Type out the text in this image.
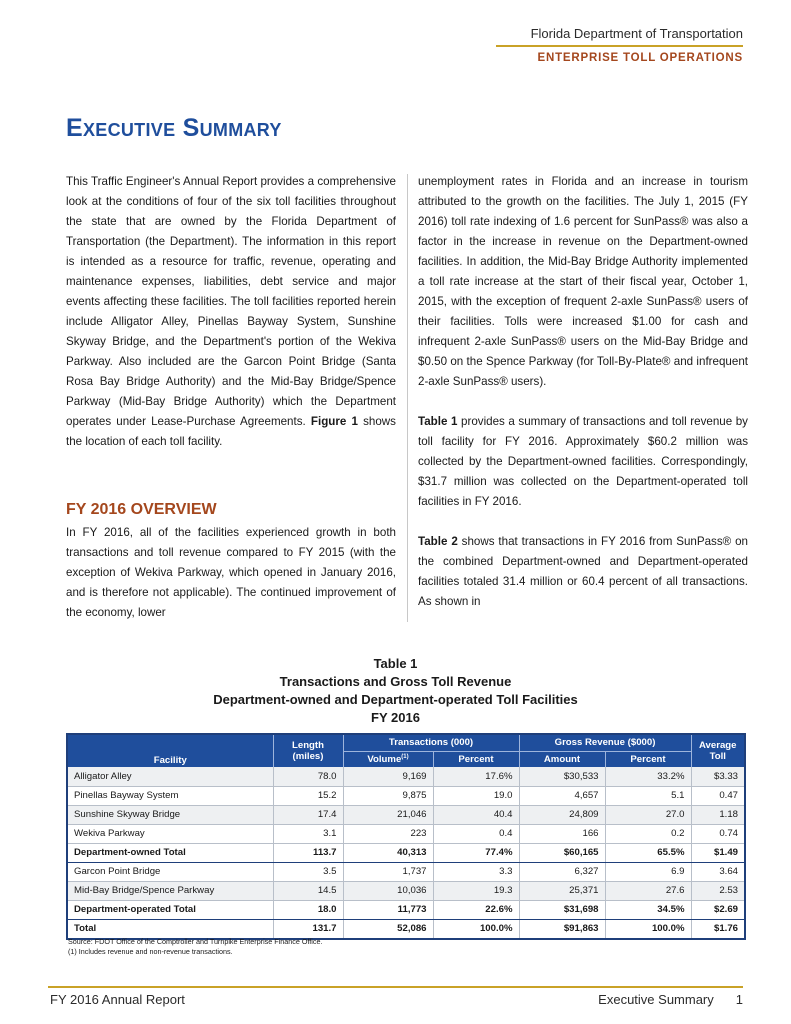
Florida Department of Transportation
ENTERPRISE TOLL OPERATIONS
Executive Summary

This Traffic Engineer's Annual Report provides a comprehensive look at the conditions of four of the six toll facilities throughout the state that are owned by the Florida Department of Transportation (the Department). The information in this report is intended as a resource for traffic, revenue, operating and maintenance expenses, liabilities, debt service and major events affecting these facilities. The toll facilities reported herein include Alligator Alley, Pinellas Bayway System, Sunshine Skyway Bridge, and the Department's portion of the Wekiva Parkway. Also included are the Garcon Point Bridge (Santa Rosa Bay Bridge Authority) and the Mid-Bay Bridge/Spence Parkway (Mid-Bay Bridge Authority) which the Department operates under Lease-Purchase Agreements. Figure 1 shows the location of each toll facility.

FY 2016 OVERVIEW

In FY 2016, all of the facilities experienced growth in both transactions and toll revenue compared to FY 2015 (with the exception of Wekiva Parkway, which opened in January 2016, and is therefore not applicable). The continued improvement of the economy, lower

unemployment rates in Florida and an increase in tourism attributed to the growth on the facilities. The July 1, 2015 (FY 2016) toll rate indexing of 1.6 percent for SunPass® was also a factor in the increase in revenue on the Department-owned facilities. In addition, the Mid-Bay Bridge Authority implemented a toll rate increase at the start of their fiscal year, October 1, 2015, with the exception of frequent 2-axle SunPass® users of their facilities. Tolls were increased $1.00 for cash and infrequent 2-axle SunPass® users on the Mid-Bay Bridge and $0.50 on the Spence Parkway (for Toll-By-Plate® and infrequent 2-axle SunPass® users).

Table 1 provides a summary of transactions and toll revenue by toll facility for FY 2016. Approximately $60.2 million was collected by the Department-owned facilities. Correspondingly, $31.7 million was collected on the Department-operated toll facilities in FY 2016.

Table 2 shows that transactions in FY 2016 from SunPass® on the combined Department-owned and Department-operated facilities totaled 31.4 million or 60.4 percent of all transactions. As shown in

Table 1
Transactions and Gross Toll Revenue
Department-owned and Department-operated Toll Facilities
FY 2016
Facility	Length (miles)	Transactions (000)		Gross Revenue ($000)		Average Toll
		Volume$^{(1)}$	Percent	Amount	Percent	
Alligator Alley	78.0	9,169	17.6%	$30,533	33.2%	$3.33
Pinellas Bayway System	15.2	9,875	19.0	4,657	5.1	0.47
Sunshine Skyway Bridge	17.4	21,046	40.4	24,809	27.0	1.18
Wekiva Parkway	3.1	223	0.4	166	0.2	0.74
Department-owned Total	113.7	40,313	77.4%	$60,165	65.5%	$1.49
Garcon Point Bridge	3.5	1,737	3.3	6,327	6.9	3.64
Mid-Bay Bridge/Spence Parkway	14.5	10,036	19.3	25,371	27.6	2.53
Department-operated Total	18.0	11,773	22.6%	$31,698	34.5%	$2.69
Total	131.7	52,086	100.0%	$91,863	100.0%	$1.76
Source: FDOT Office of the Comptroller and Turnpike Enterprise Finance Office.
(1) Includes revenue and non-revenue transactions.
FY 2016 Annual Report	Executive Summary 1
